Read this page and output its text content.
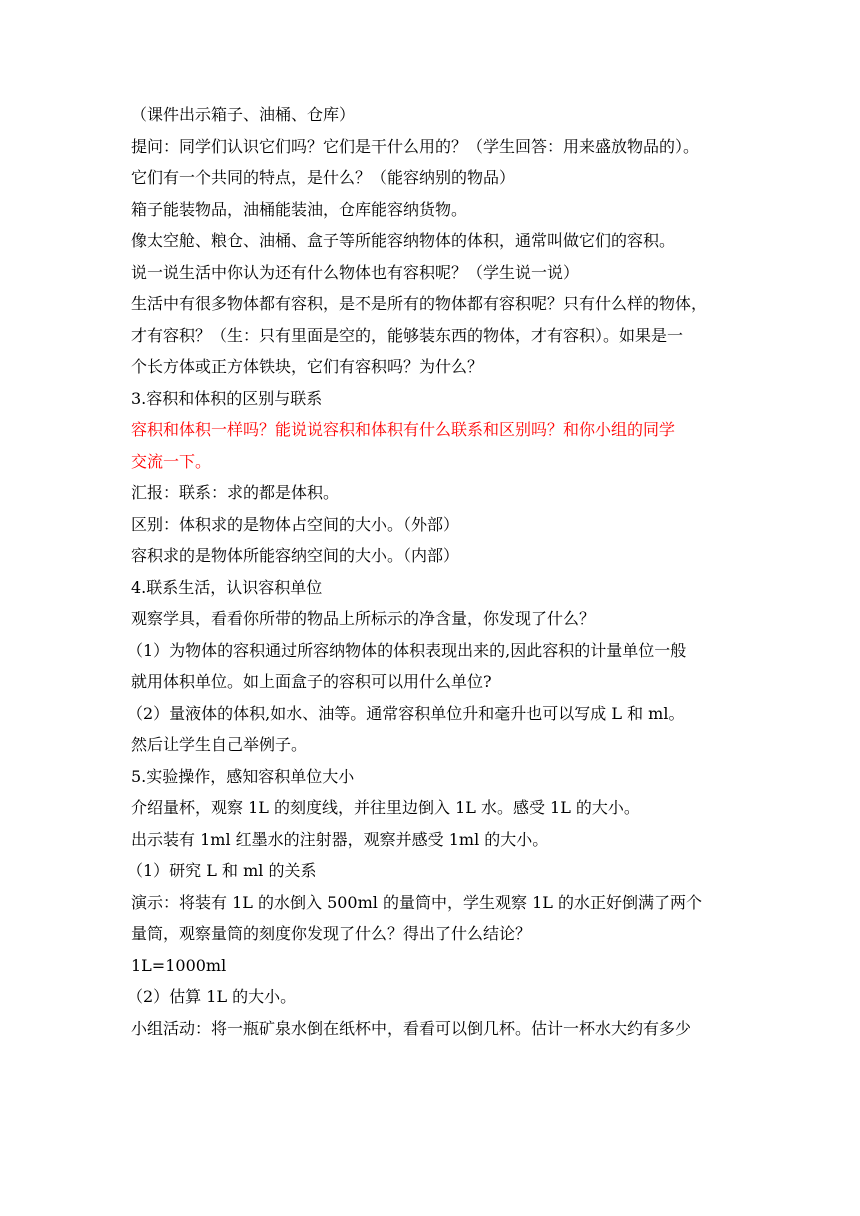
（课件出示箱子、油桶、仓库）
提问：同学们认识它们吗？它们是干什么用的？（学生回答：用来盛放物品的）。
它们有一个共同的特点，是什么？（能容纳别的物品）
箱子能装物品，油桶能装油，仓库能容纳货物。
像太空舱、粮仓、油桶、盒子等所能容纳物体的体积，通常叫做它们的容积。
说一说生活中你认为还有什么物体也有容积呢？（学生说一说）
生活中有很多物体都有容积，是不是所有的物体都有容积呢？只有什么样的物体，
才有容积？（生：只有里面是空的，能够装东西的物体，才有容积）。如果是一
个长方体或正方体铁块，它们有容积吗？为什么？
3.容积和体积的区别与联系
容积和体积一样吗？能说说容积和体积有什么联系和区别吗？和你小组的同学
交流一下。
汇报：联系：求的都是体积。
区别：体积求的是物体占空间的大小。（外部）
容积求的是物体所能容纳空间的大小。（内部）
4.联系生活，认识容积单位
观察学具，看看你所带的物品上所标示的净含量，你发现了什么？
（1）为物体的容积通过所容纳物体的体积表现出来的,因此容积的计量单位一般
就用体积单位。如上面盒子的容积可以用什么单位?
（2）量液体的体积,如水、油等。通常容积单位升和毫升也可以写成 L 和 ml。
然后让学生自己举例子。
5.实验操作，感知容积单位大小
介绍量杯，观察 1L 的刻度线，并往里边倒入 1L 水。感受 1L 的大小。
出示装有 1ml 红墨水的注射器，观察并感受 1ml 的大小。
（1）研究 L 和 ml 的关系
演示：将装有 1L 的水倒入 500ml 的量筒中，学生观察 1L 的水正好倒满了两个
量筒，观察量筒的刻度你发现了什么？得出了什么结论？
1L=1000ml
（2）估算 1L 的大小。
小组活动：将一瓶矿泉水倒在纸杯中，看看可以倒几杯。估计一杯水大约有多少
